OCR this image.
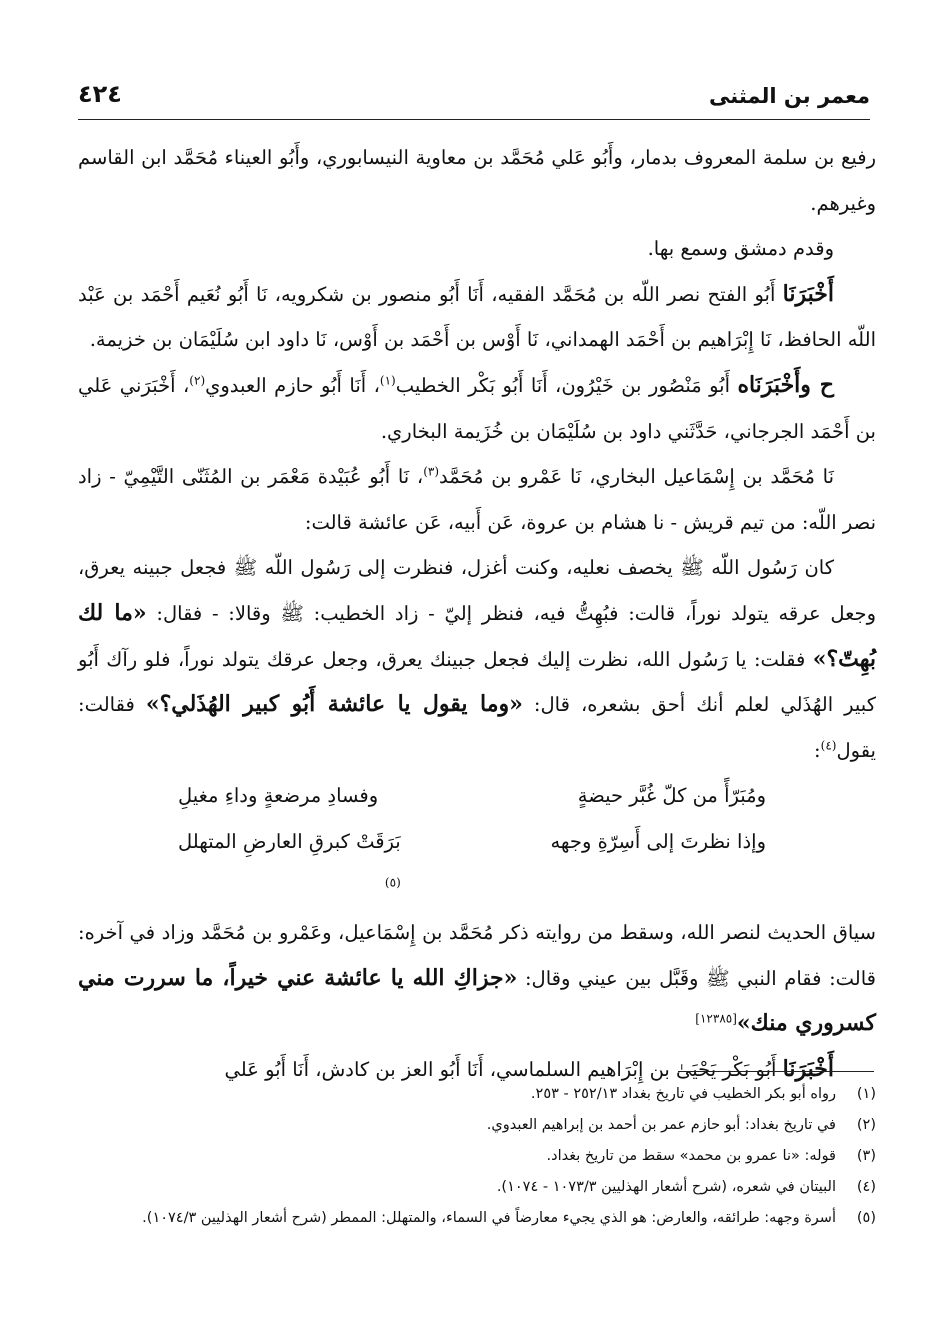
معمر بن المثنى
٤٢٤

رفيع بن سلمة المعروف بدمار، وأَبُو عَلي مُحَمَّد بن معاوية النيسابوري، وأَبُو العيناء مُحَمَّد ابن القاسم وغيرهم.

وقدم دمشق وسمع بها.

أَخْبَرَنَا أَبُو الفتح نصر اللّه بن مُحَمَّد الفقيه، أَنَا أَبُو منصور بن شكرويه، نَا أَبُو نُعَيم أَحْمَد بن عَبْد اللّه الحافظ، نَا إِبْرَاهيم بن أَحْمَد الهمداني، نَا أَوْس بن أَحْمَد بن أَوْس، نَا داود ابن سُلَيْمَان بن خزيمة.

ح وأَخْبَرَنَاه أَبُو مَنْصُور بن خَيْرُون، أَنَا أَبُو بَكْر الخطيب$^{(١)}$، أَنَا أَبُو حازم العبدوي$^{(٢)}$، أَخْبَرَني عَلي بن أَحْمَد الجرجاني، حَدَّثَني داود بن سُلَيْمَان بن خُزَيمة البخاري.

نَا مُحَمَّد بن إِسْمَاعيل البخاري، نَا عَمْرو بن مُحَمَّد$^{(٣)}$، نَا أَبُو عُبَيْدة مَعْمَر بن المُثَنّى التَّيْمِيّ - زاد نصر اللّه: من تيم قريش - نا هشام بن عروة، عَن أَبيه، عَن عائشة قالت:

كان رَسُول اللّه ﷺ يخصف نعليه، وكنت أغزل، فنظرت إلى رَسُول اللّه ﷺ فجعل جبينه يعرق، وجعل عرقه يتولد نوراً، قالت: فبُهِتُّ فيه، فنظر إليّ - زاد الخطيب: ﷺ وقالا: - فقال: «ما لك بُهِتّ؟» فقلت: يا رَسُول الله، نظرت إليك فجعل جبينك يعرق، وجعل عرقك يتولد نوراً، فلو رآك أَبُو كبير الهُذَلي لعلم أنك أحق بشعره، قال: «وما يقول يا عائشة أَبُو كبير الهُذَلي؟» فقالت: يقول$^{(٤)}$:

ومُبَرّأً من كلّ غُبَّر حيضةٍ
وفسادِ مرضعةٍ وداءِ مغيلِ
وإذا نظرتَ إلى أَسِرّةِ وجهه
بَرَقَتْ كبرقِ العارضِ المتهلل
$^{(٥)}$

سياق الحديث لنصر الله، وسقط من روايته ذكر مُحَمَّد بن إِسْمَاعيل، وعَمْرو بن مُحَمَّد وزاد في آخره: قالت: فقام النبي ﷺ وقَبَّل بين عيني وقال: «جزاكِ الله يا عائشة عني خيراً، ما سررت مني كسروري منك»[١٢٣٨٥]

أَخْبَرَنَا أَبُو بَكْر يَحْيَىٰ بن إِبْرَاهيم السلماسي، أَنَا أَبُو العز بن كادش، أَنَا أَبُو عَلي

(١)
رواه أبو بكر الخطيب في تاريخ بغداد ٢٥٢/١٣ - ٢٥٣.
(٢)
في تاريخ بغداد: أبو حازم عمر بن أحمد بن إبراهيم العبدوي.
(٣)
قوله: «نا عمرو بن محمد» سقط من تاريخ بغداد.
(٤)
البيتان في شعره، (شرح أشعار الهذليين ١٠٧٣/٣ - ١٠٧٤).
(٥)
أسرة وجهه: طرائقه، والعارض: هو الذي يجيء معارضاً في السماء، والمتهلل: الممطر (شرح أشعار الهذليين ١٠٧٤/٣).
